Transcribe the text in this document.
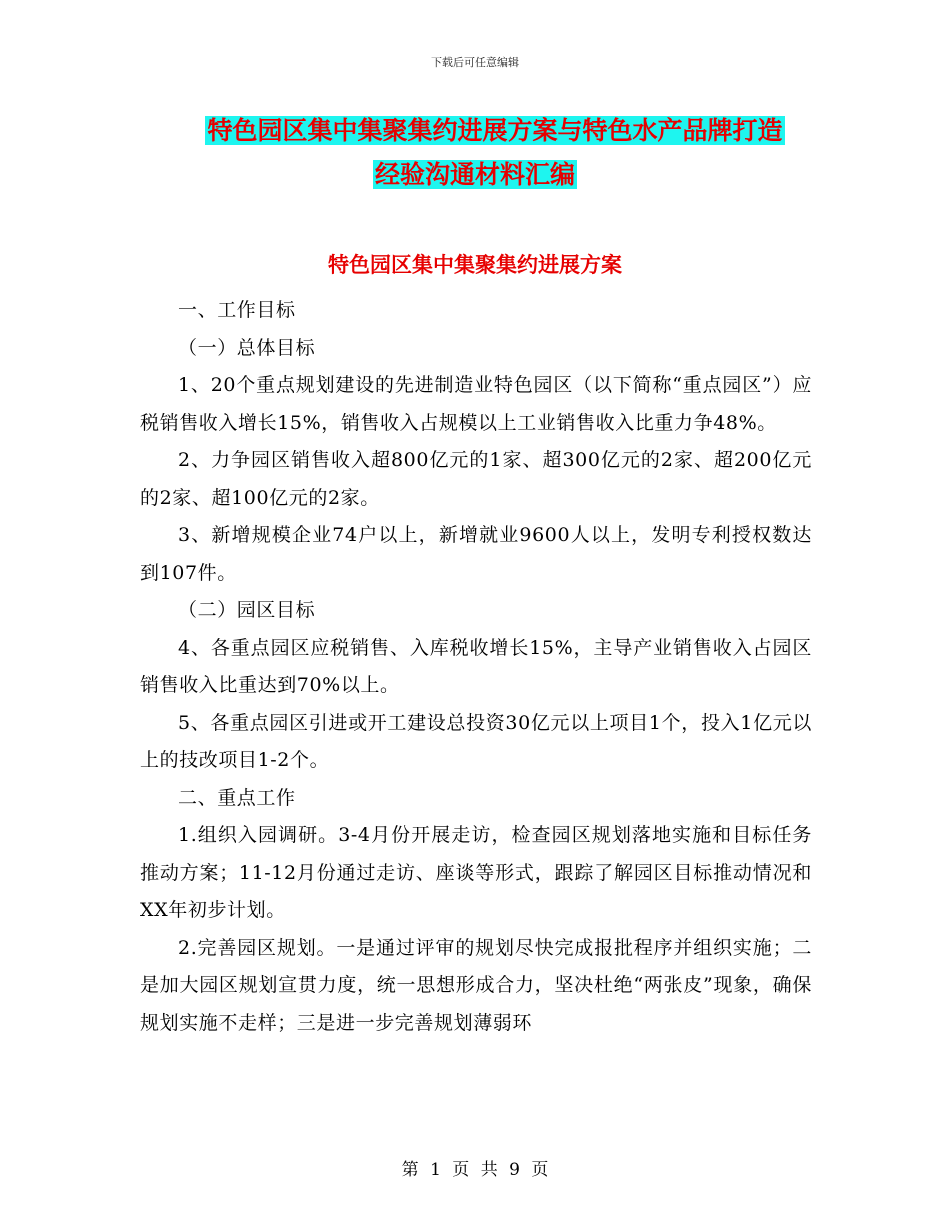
下载后可任意编辑
特色园区集中集聚集约进展方案与特色水产品牌打造
经验沟通材料汇编
特色园区集中集聚集约进展方案

一、工作目标

（一）总体目标

1、20个重点规划建设的先进制造业特色园区（以下简称“重点园区”）应税销售收入增长15%，销售收入占规模以上工业销售收入比重力争48%。

2、力争园区销售收入超800亿元的1家、超300亿元的2家、超200亿元的2家、超100亿元的2家。

3、新增规模企业74户以上，新增就业9600人以上，发明专利授权数达到107件。

（二）园区目标

4、各重点园区应税销售、入库税收增长15%，主导产业销售收入占园区销售收入比重达到70%以上。

5、各重点园区引进或开工建设总投资30亿元以上项目1个，投入1亿元以上的技改项目1-2个。

二、重点工作

1.组织入园调研。3-4月份开展走访，检查园区规划落地实施和目标任务推动方案；11-12月份通过走访、座谈等形式，跟踪了解园区目标推动情况和XX年初步计划。

2.完善园区规划。一是通过评审的规划尽快完成报批程序并组织实施；二是加大园区规划宣贯力度，统一思想形成合力，坚决杜绝“两张皮”现象，确保规划实施不走样；三是进一步完善规划薄弱环

第 1 页 共 9 页
